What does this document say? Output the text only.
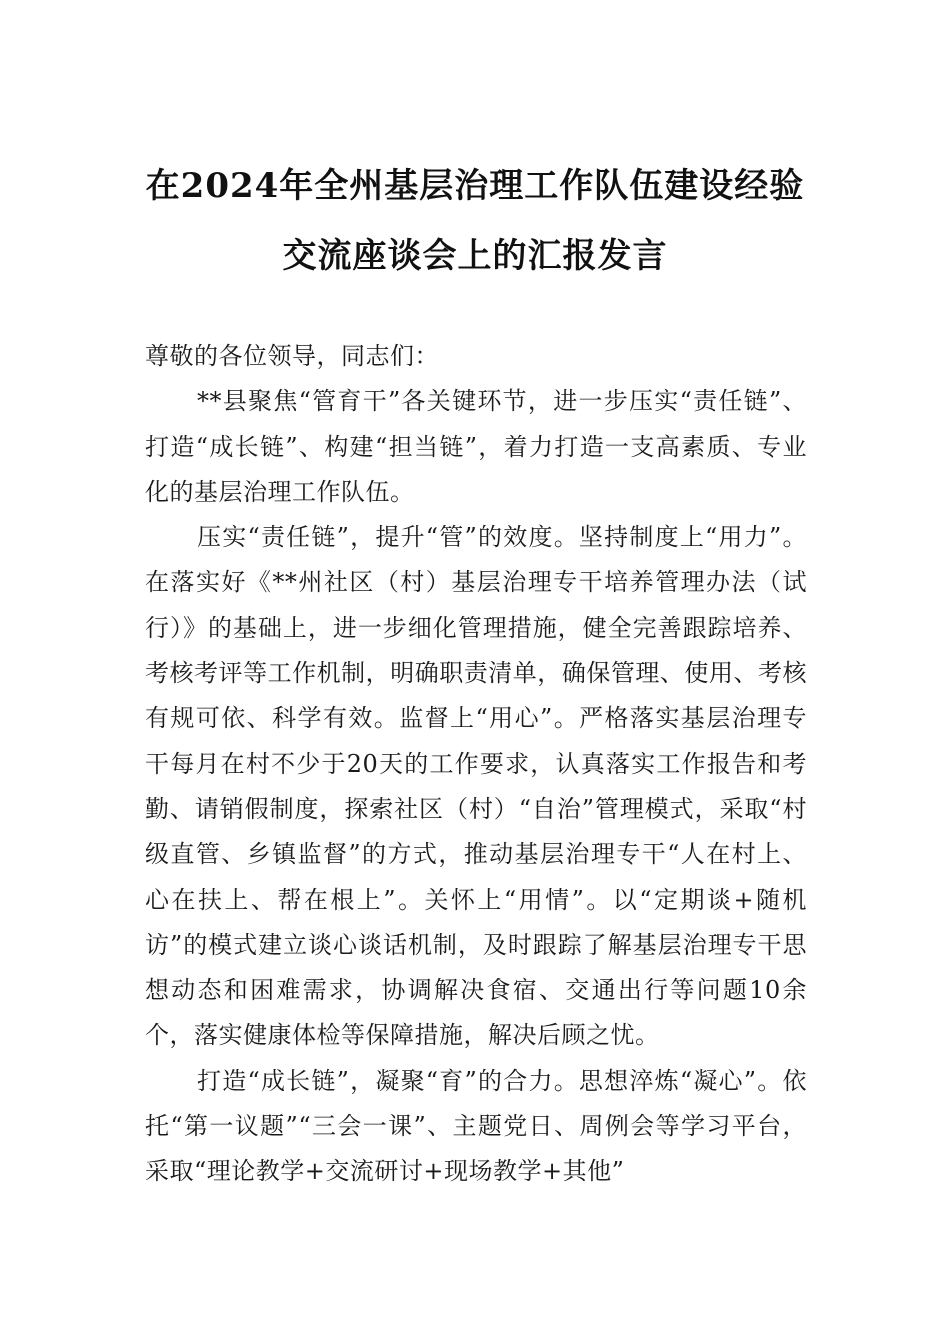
在2024年全州基层治理工作队伍建设经验
交流座谈会上的汇报发言

尊敬的各位领导，同志们：

**县聚焦“管育干”各关键环节，进一步压实“责任链”、打造“成长链”、构建“担当链”，着力打造一支高素质、专业化的基层治理工作队伍。

压实“责任链”，提升“管”的效度。坚持制度上“用力”。在落实好《**州社区（村）基层治理专干培养管理办法（试行）》的基础上，进一步细化管理措施，健全完善跟踪培养、考核考评等工作机制，明确职责清单，确保管理、使用、考核有规可依、科学有效。监督上“用心”。严格落实基层治理专干每月在村不少于20天的工作要求，认真落实工作报告和考勤、请销假制度，探索社区（村）“自治”管理模式，采取“村级直管、乡镇监督”的方式，推动基层治理专干“人在村上、心在扶上、帮在根上”。关怀上“用情”。以“定期谈+随机访”的模式建立谈心谈话机制，及时跟踪了解基层治理专干思想动态和困难需求，协调解决食宿、交通出行等问题10余个，落实健康体检等保障措施，解决后顾之忧。

打造“成长链”，凝聚“育”的合力。思想淬炼“凝心”。依托“第一议题”“三会一课”、主题党日、周例会等学习平台，采取“理论教学+交流研讨+现场教学+其他”
